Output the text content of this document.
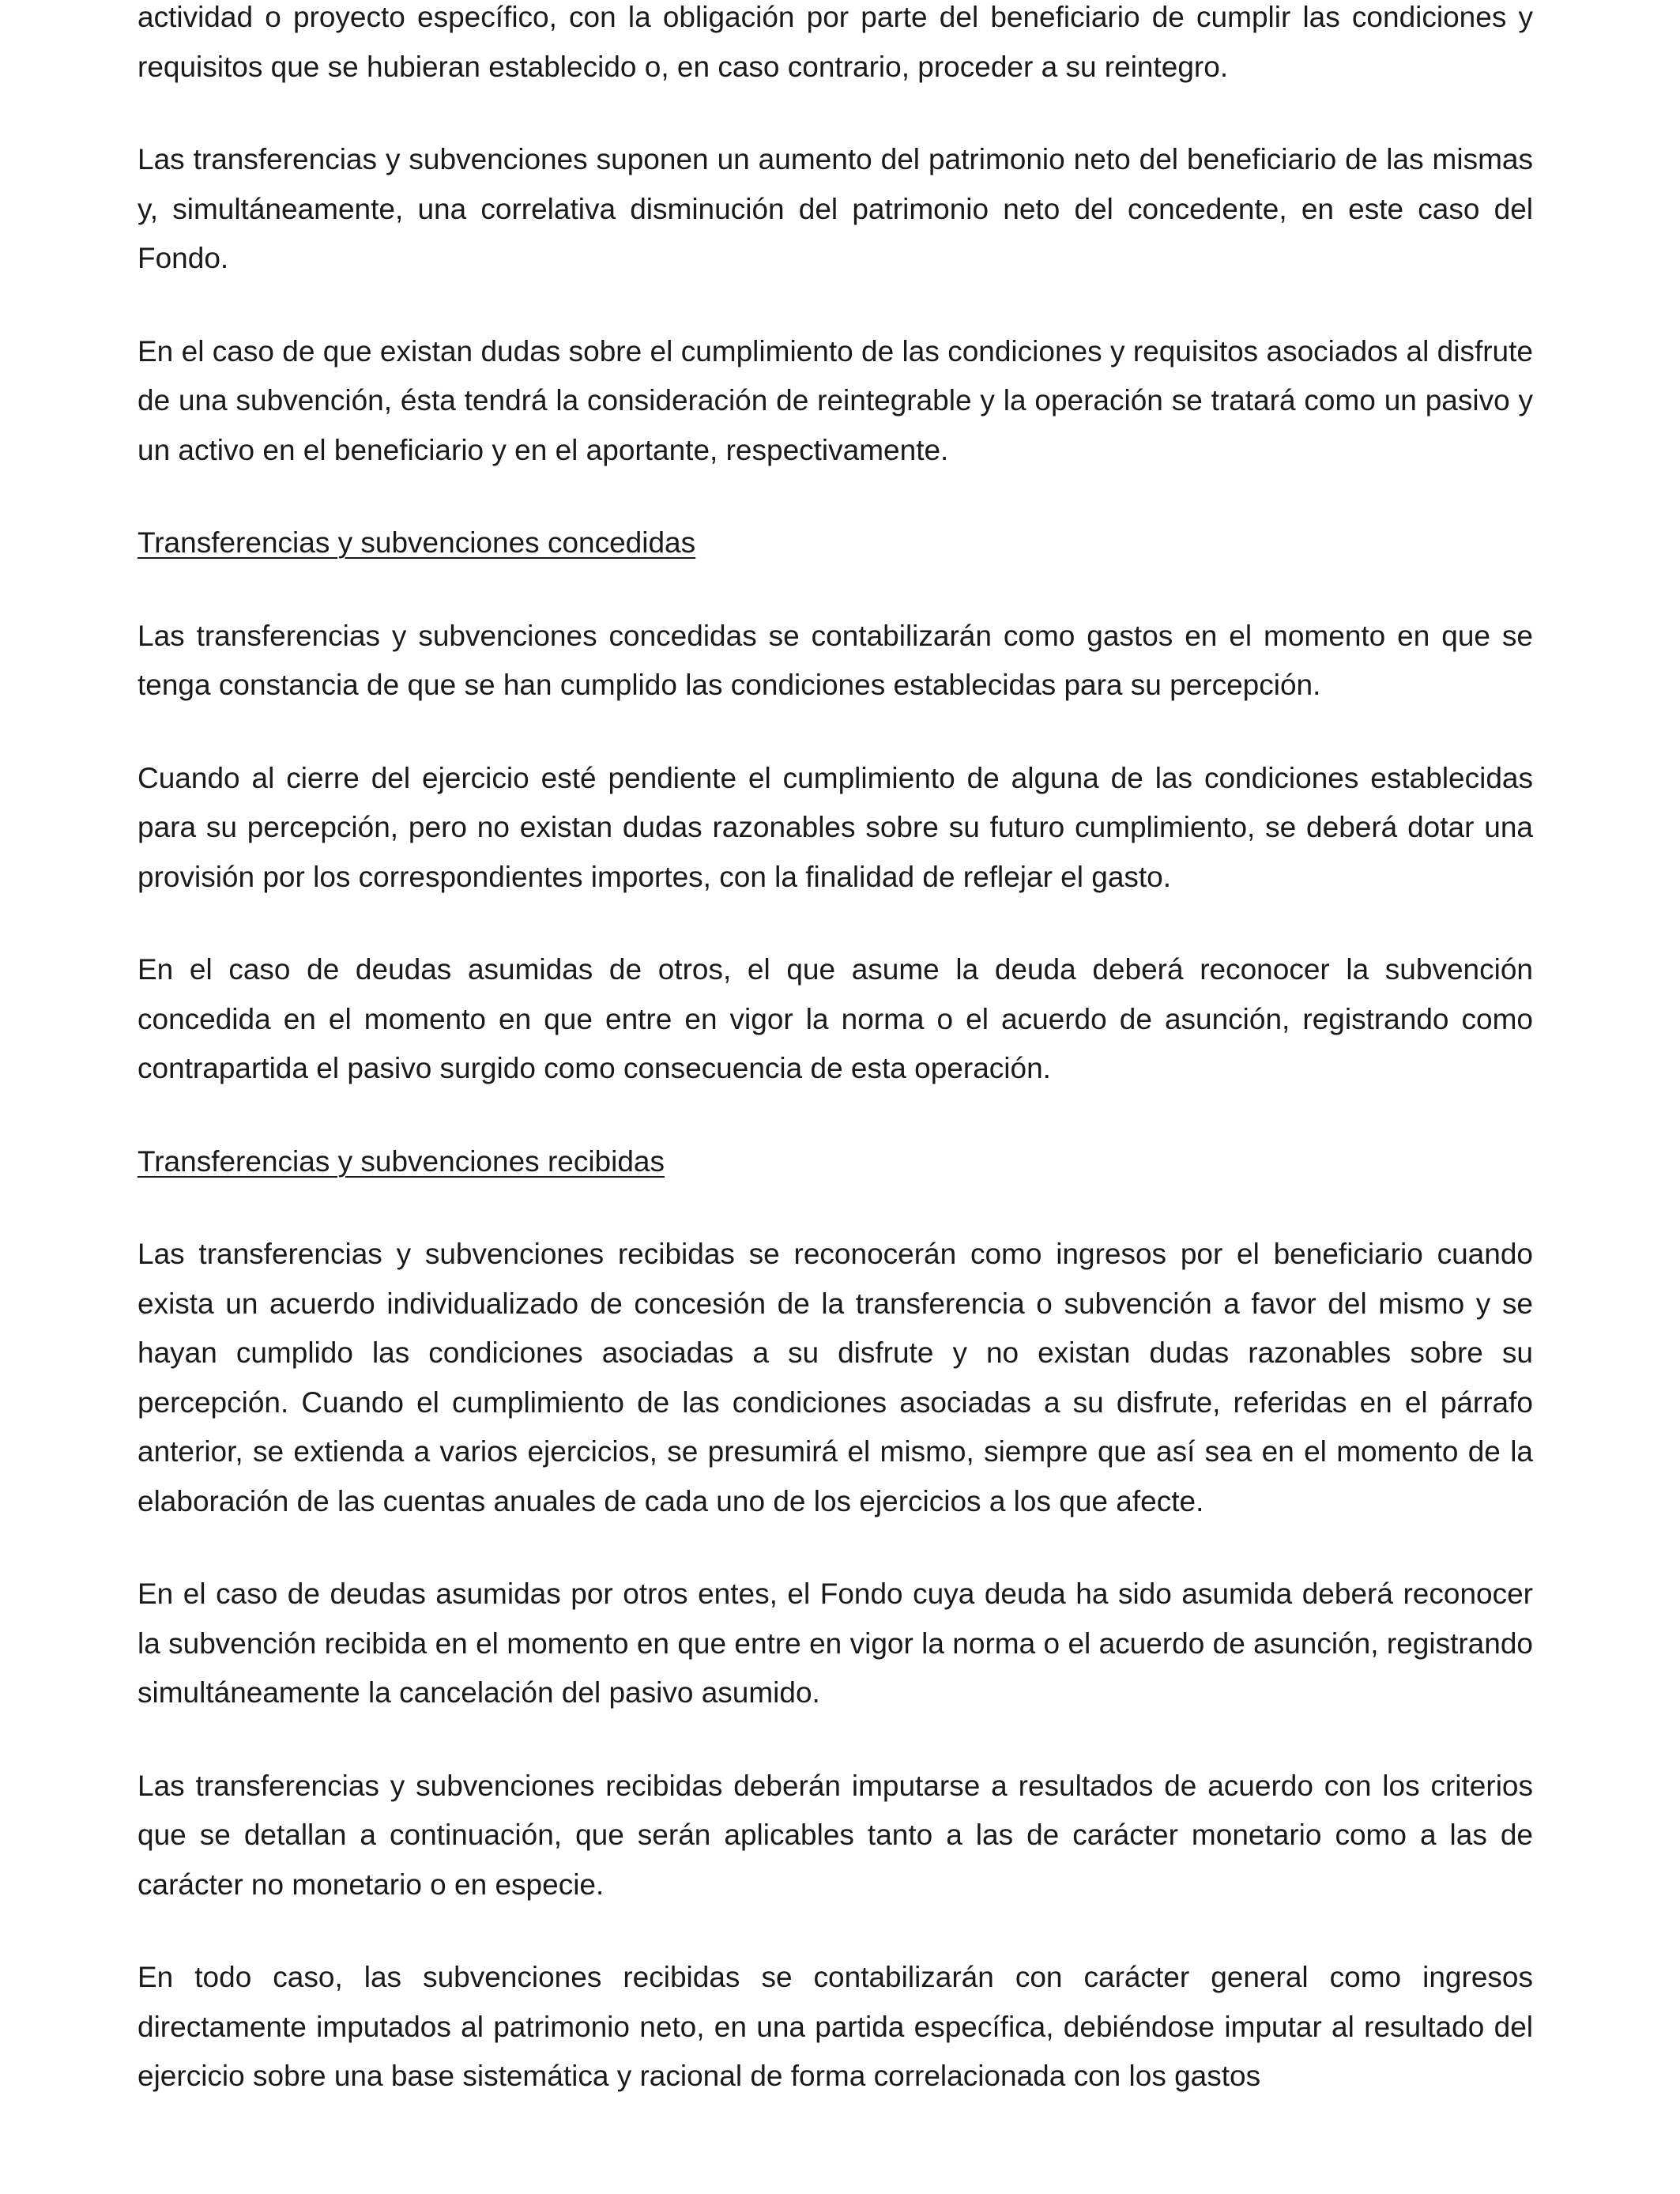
actividad o proyecto específico, con la obligación por parte del beneficiario de cumplir las condiciones y requisitos que se hubieran establecido o, en caso contrario, proceder a su reintegro.

Las transferencias y subvenciones suponen un aumento del patrimonio neto del beneficiario de las mismas y, simultáneamente, una correlativa disminución del patrimonio neto del concedente, en este caso del Fondo.

En el caso de que existan dudas sobre el cumplimiento de las condiciones y requisitos asociados al disfrute de una subvención, ésta tendrá la consideración de reintegrable y la operación se tratará como un pasivo y un activo en el beneficiario y en el aportante, respectivamente.

Transferencias y subvenciones concedidas

Las transferencias y subvenciones concedidas se contabilizarán como gastos en el momento en que se tenga constancia de que se han cumplido las condiciones establecidas para su percepción.

Cuando al cierre del ejercicio esté pendiente el cumplimiento de alguna de las condiciones establecidas para su percepción, pero no existan dudas razonables sobre su futuro cumplimiento, se deberá dotar una provisión por los correspondientes importes, con la finalidad de reflejar el gasto.

En el caso de deudas asumidas de otros, el que asume la deuda deberá reconocer la subvención concedida en el momento en que entre en vigor la norma o el acuerdo de asunción, registrando como contrapartida el pasivo surgido como consecuencia de esta operación.

Transferencias y subvenciones recibidas

Las transferencias y subvenciones recibidas se reconocerán como ingresos por el beneficiario cuando exista un acuerdo individualizado de concesión de la transferencia o subvención a favor del mismo y se hayan cumplido las condiciones asociadas a su disfrute y no existan dudas razonables sobre su percepción. Cuando el cumplimiento de las condiciones asociadas a su disfrute, referidas en el párrafo anterior, se extienda a varios ejercicios, se presumirá el mismo, siempre que así sea en el momento de la elaboración de las cuentas anuales de cada uno de los ejercicios a los que afecte.

En el caso de deudas asumidas por otros entes, el Fondo cuya deuda ha sido asumida deberá reconocer la subvención recibida en el momento en que entre en vigor la norma o el acuerdo de asunción, registrando simultáneamente la cancelación del pasivo asumido.

Las transferencias y subvenciones recibidas deberán imputarse a resultados de acuerdo con los criterios que se detallan a continuación, que serán aplicables tanto a las de carácter monetario como a las de carácter no monetario o en especie.

En todo caso, las subvenciones recibidas se contabilizarán con carácter general como ingresos directamente imputados al patrimonio neto, en una partida específica, debiéndose imputar al resultado del ejercicio sobre una base sistemática y racional de forma correlacionada con los gastos
